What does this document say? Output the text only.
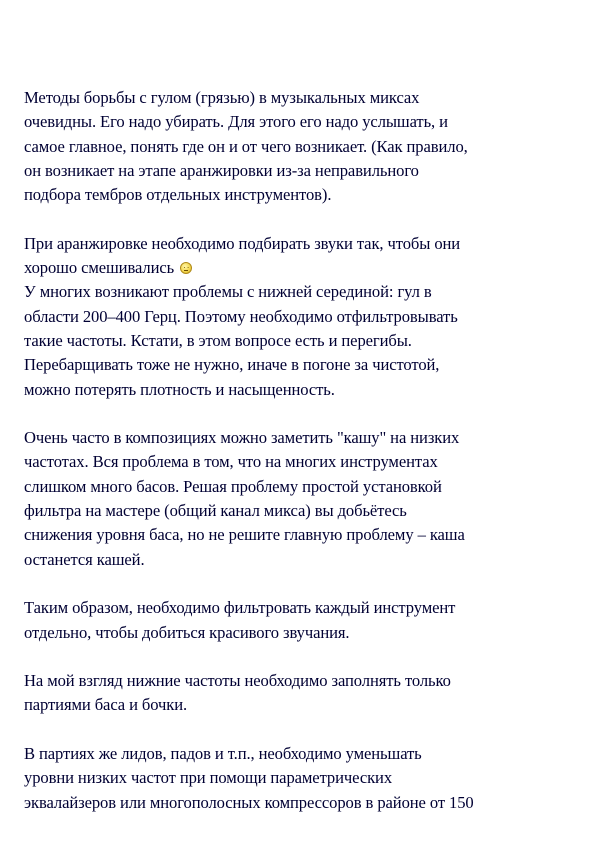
Методы борьбы с гулом (грязью) в музыкальных миксах
очевидны. Его надо убирать. Для этого его надо услышать, и
самое главное, понять где он и от чего возникает. (Как правило,
он возникает на этапе аранжировки из-за неправильного
подбора тембров отдельных инструментов).

При аранжировке необходимо подбирать звуки так, чтобы они
хорошо смешивались

У многих возникают проблемы с нижней серединой: гул в
области 200–400 Герц. Поэтому необходимо отфильтровывать
такие частоты. Кстати, в этом вопросе есть и перегибы.
Перебарщивать тоже не нужно, иначе в погоне за чистотой,
можно потерять плотность и насыщенность.

Очень часто в композициях можно заметить "кашу" на низких
частотах. Вся проблема в том, что на многих инструментах
слишком много басов. Решая проблему простой установкой
фильтра на мастере (общий канал микса) вы добьётесь
снижения уровня баса, но не решите главную проблему – каша
останется кашей.

Таким образом, необходимо фильтровать каждый инструмент
отдельно, чтобы добиться красивого звучания.

На мой взгляд нижние частоты необходимо заполнять только
партиями баса и бочки.

В партиях же лидов, падов и т.п., необходимо уменьшать
уровни низких частот при помощи параметрических
эквалайзеров или многополосных компрессоров в районе от 150
